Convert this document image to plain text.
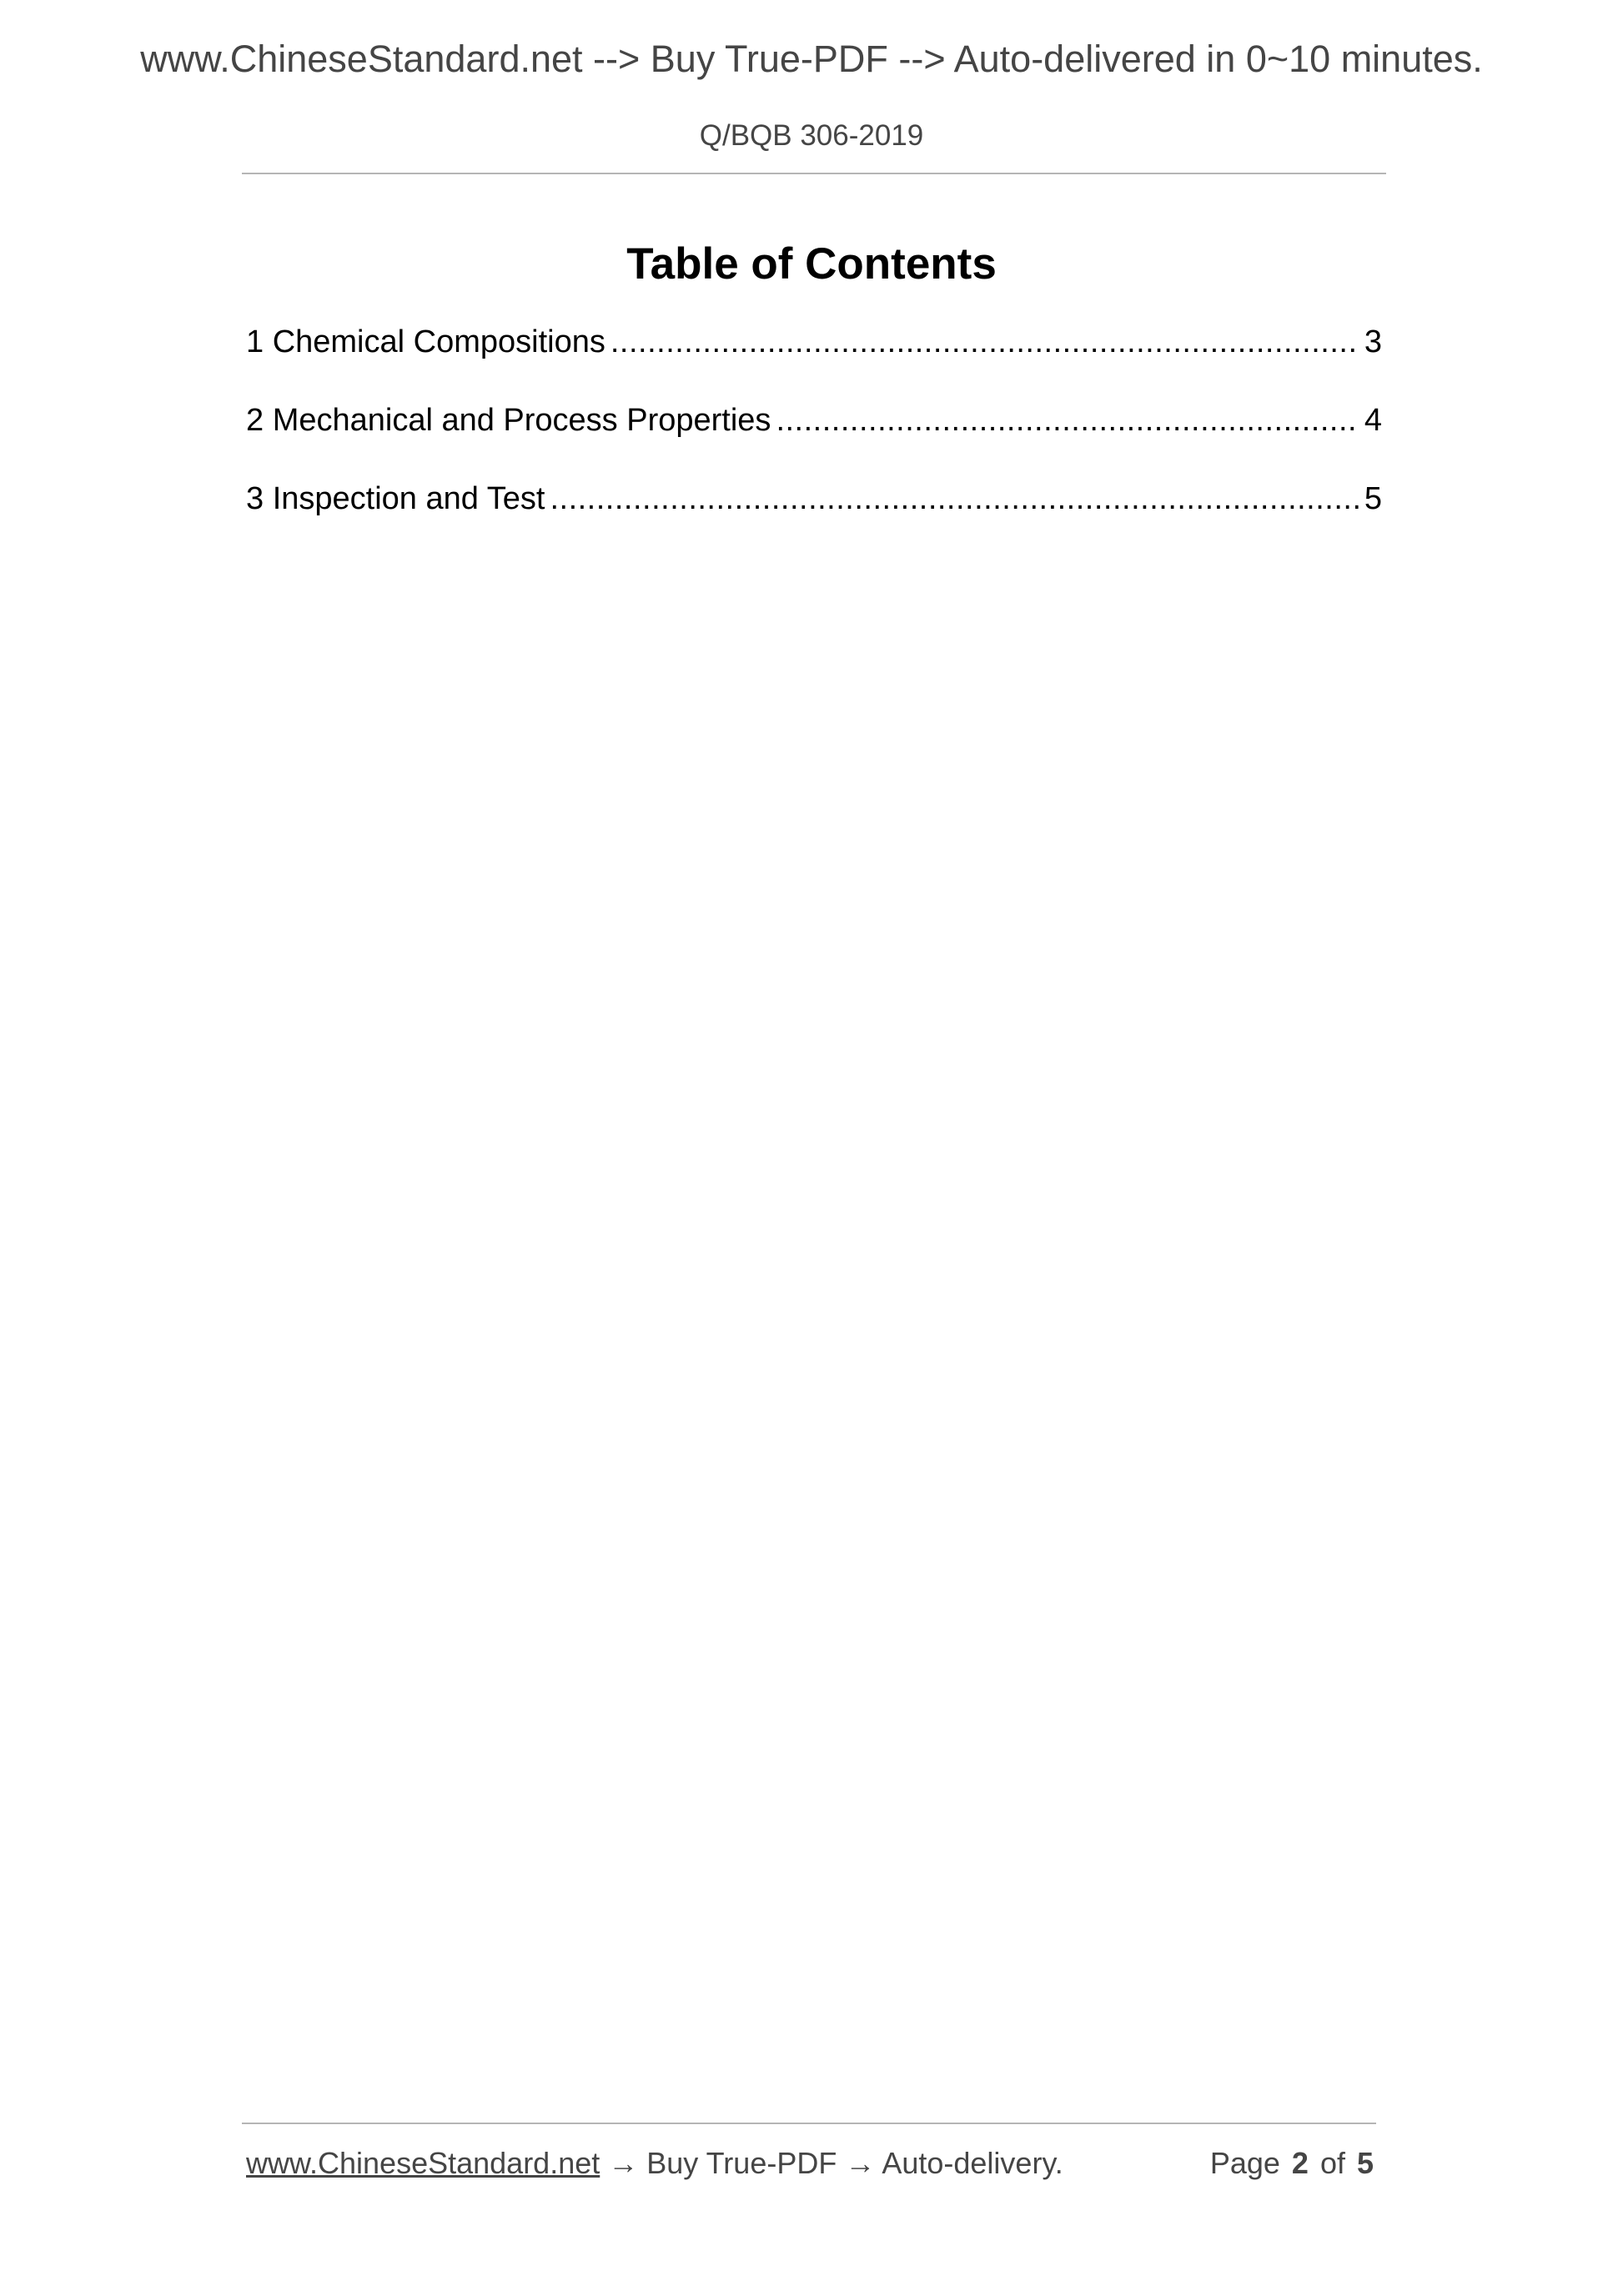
www.ChineseStandard.net --> Buy True-PDF --> Auto-delivered in 0~10 minutes.
Q/BQB 306-2019
Table of Contents
1 Chemical Compositions .....	3
2 Mechanical and Process Properties .....	4
3 Inspection and Test .....	5
www.ChineseStandard.net → Buy True-PDF → Auto-delivery.	Page 2 of 5
